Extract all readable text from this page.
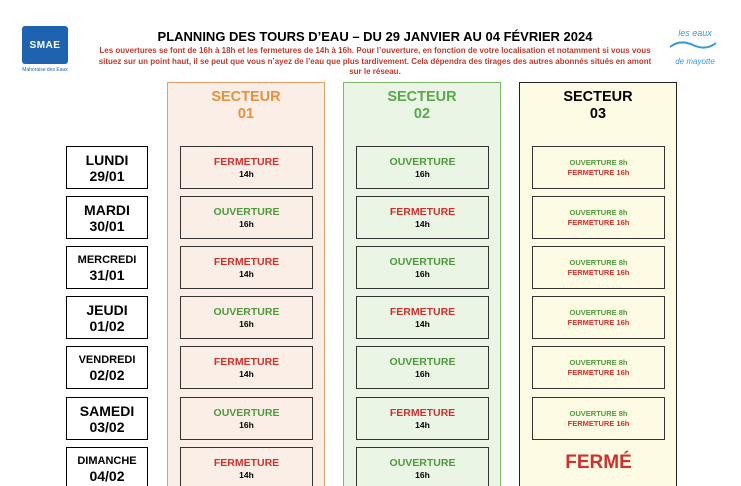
SMAE
Mahoraise des Eaux
les eaux
de mayotte
PLANNING DES TOURS D’EAU – DU 29 JANVIER AU 04 FÉVRIER 2024
Les ouvertures se font de 16h à 18h et les fermetures de 14h à 16h. Pour l’ouverture, en fonction de votre localisation et notamment si vous vous situez sur un point haut, il se peut que vous n’ayez de l’eau que plus tardivement. Cela dépendra des tirages des autres abonnés situés en amont sur le réseau.
SECTEUR
01
SECTEUR
02
SECTEUR
03
LUNDI
29/01
FERMETURE
14h
OUVERTURE
16h
OUVERTURE 8h
FERMETURE 16h
MARDI
30/01
OUVERTURE
16h
FERMETURE
14h
OUVERTURE 8h
FERMETURE 16h
MERCREDI
31/01
FERMETURE
14h
OUVERTURE
16h
OUVERTURE 8h
FERMETURE 16h
JEUDI
01/02
OUVERTURE
16h
FERMETURE
14h
OUVERTURE 8h
FERMETURE 16h
VENDREDI
02/02
FERMETURE
14h
OUVERTURE
16h
OUVERTURE 8h
FERMETURE 16h
SAMEDI
03/02
OUVERTURE
16h
FERMETURE
14h
OUVERTURE 8h
FERMETURE 16h
DIMANCHE
04/02
FERMETURE
14h
OUVERTURE
16h
FERMÉ
